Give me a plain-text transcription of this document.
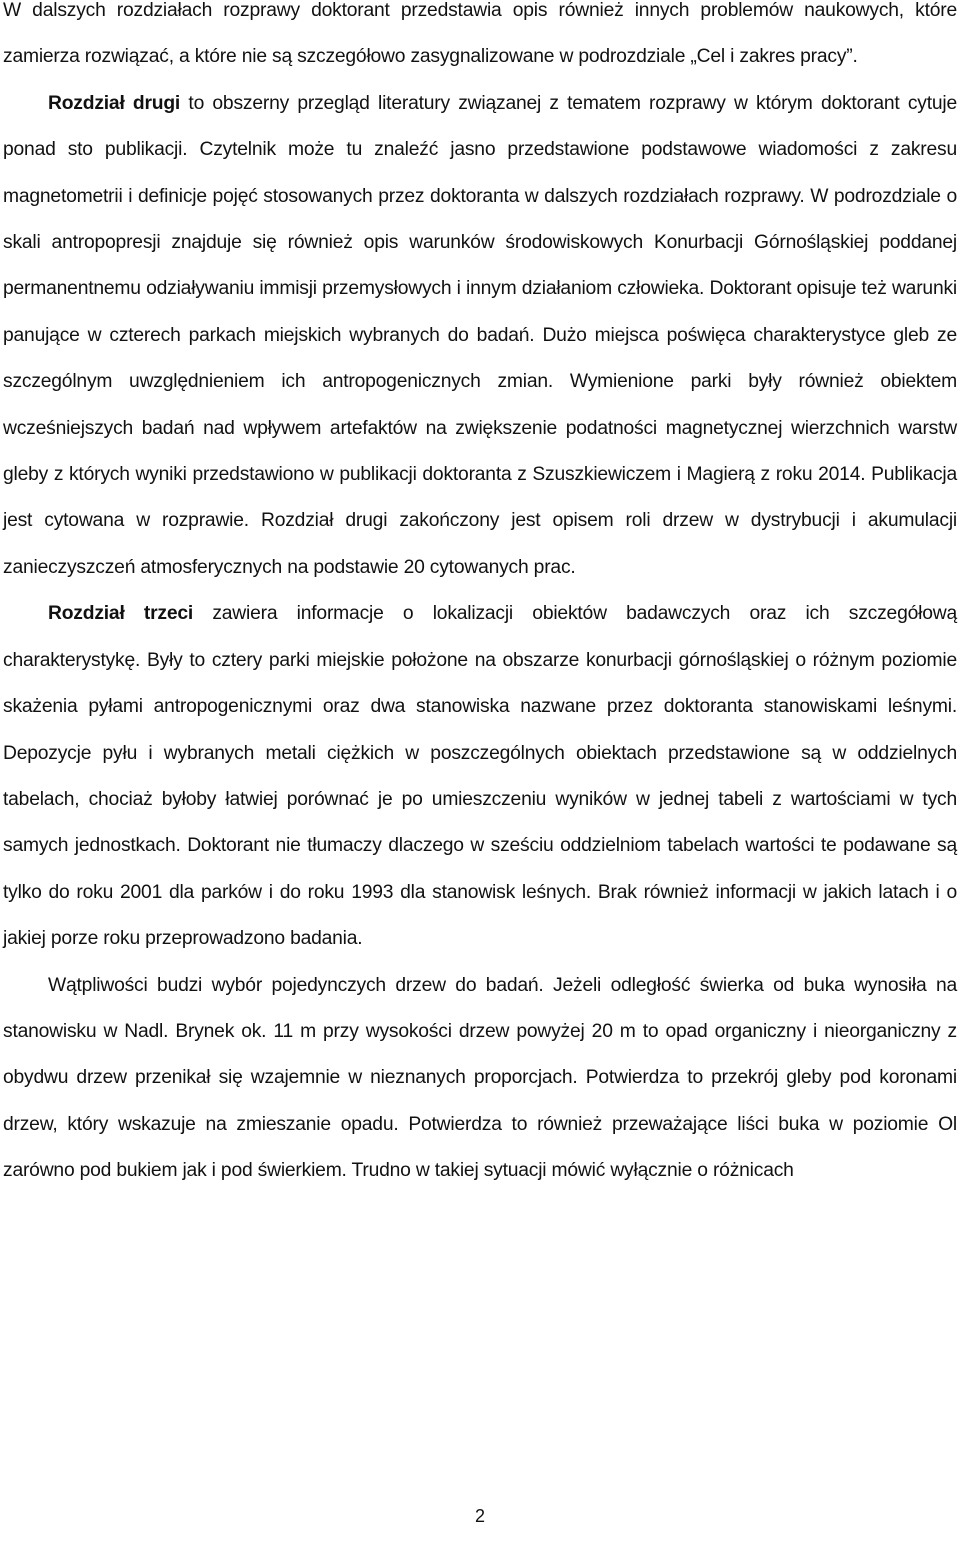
W dalszych rozdziałach rozprawy doktorant przedstawia opis również innych problemów naukowych, które zamierza rozwiązać, a które nie są szczegółowo zasygnalizowane w podrozdziale „Cel i zakres pracy”.

Rozdział drugi to obszerny przegląd literatury związanej z tematem rozprawy w którym doktorant cytuje ponad sto publikacji. Czytelnik może tu znaleźć jasno przedstawione podstawowe wiadomości z zakresu magnetometrii i definicje pojęć stosowanych przez doktoranta w dalszych rozdziałach rozprawy. W podrozdziale o skali antropopresji znajduje się również opis warunków środowiskowych Konurbacji Górnośląskiej poddanej permanentnemu odziaływaniu immisji przemysłowych i innym działaniom człowieka. Doktorant opisuje też warunki panujące w czterech parkach miejskich wybranych do badań. Dużo miejsca poświęca charakterystyce gleb ze szczególnym uwzględnieniem ich antropogenicznych zmian. Wymienione parki były również obiektem wcześniejszych badań nad wpływem artefaktów na zwiększenie podatności magnetycznej wierzchnich warstw gleby z których wyniki przedstawiono w publikacji doktoranta z Szuszkiewiczem i Magierą z roku 2014. Publikacja jest cytowana w rozprawie. Rozdział drugi zakończony jest opisem roli drzew w dystrybucji i akumulacji zanieczyszczeń atmosferycznych na podstawie 20 cytowanych prac.

Rozdział trzeci zawiera informacje o lokalizacji obiektów badawczych oraz ich szczegółową charakterystykę. Były to cztery parki miejskie położone na obszarze konurbacji górnośląskiej o różnym poziomie skażenia pyłami antropogenicznymi oraz dwa stanowiska nazwane przez doktoranta stanowiskami leśnymi. Depozycje pyłu i wybranych metali ciężkich w poszczególnych obiektach przedstawione są w oddzielnych tabelach, chociaż byłoby łatwiej porównać je po umieszczeniu wyników w jednej tabeli z wartościami w tych samych jednostkach. Doktorant nie tłumaczy dlaczego w sześciu oddzielniom tabelach wartości te podawane są tylko do roku 2001 dla parków i do roku 1993 dla stanowisk leśnych. Brak również informacji w jakich latach i o jakiej porze roku przeprowadzono badania.

Wątpliwości budzi wybór pojedynczych drzew do badań. Jeżeli odległość świerka od buka wynosiła na stanowisku w Nadl. Brynek ok. 11 m przy wysokości drzew powyżej 20 m to opad organiczny i nieorganiczny z obydwu drzew przenikał się wzajemnie w nieznanych proporcjach. Potwierdza to przekrój gleby pod koronami drzew, który wskazuje na zmieszanie opadu. Potwierdza to również przeważające liści buka w poziomie Ol zarówno pod bukiem jak i pod świerkiem. Trudno w takiej sytuacji mówić wyłącznie o różnicach

2
